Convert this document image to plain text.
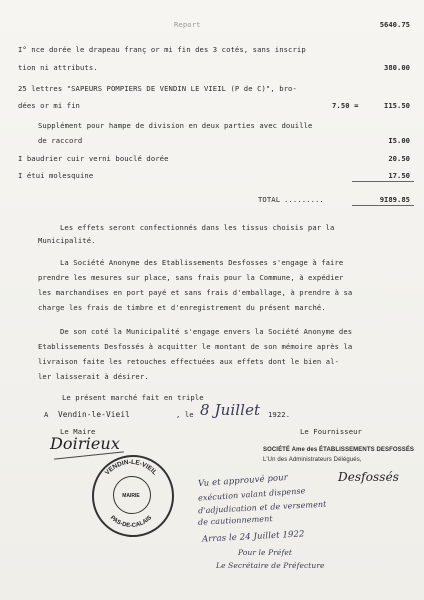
Report	5640.75
I° nce dorée le drapeau franç or mi fin des 3 cotés, sans inscrip
tion ni attributs.	380.00
25 lettres "SAPEURS POMPIERS DE VENDIN LE VIEIL (P de C)", bro-
dées or mi fin	7.50 =	I15.50
Supplément pour hampe de division en deux parties avec douille
de raccord	I5.00
I baudrier cuir verni bouclé dorée	20.50
I étui molesquine	17.50
TOTAL .........	9I89.85
Les effets seront confectionnés dans les tissus choisis par la
Municipalité.
La Société Anonyme des Etablissements Desfosses s'engage à faire
prendre les mesures sur place, sans frais pour la Commune, à expédier
les marchandises en port payé et sans frais d'emballage, à prendre à sa
charge les frais de timbre et d'enregistrement du présent marché.
De son coté la Municipalité s'engage envers la Société Anonyme des
Etablissements Desfossés à acquitter le montant de son mémoire après la
livraison faite les retouches effectuées aux effets dont le bien al-
ler laisserait à désirer.
Le présent marché fait en triple
A Vendin-le-Vieil	, le 8 Juillet 1922.
Le Maire
Doirieux
Le Fournisseur
SOCIÉTÉ Ame des ÉTABLISSEMENTS DESFOSSÉS
L'Un des Administrateurs Délégués,
Desfossés
VENDIN-LE-VIEIL
PAS-DE-CALAIS
MAIRIE
Vu et approuvé pour
exécution valant dispense
d'adjudication et de versement
de cautionnement
Arras le 24 Juillet 1922
Pour le Préfet
Le Secrétaire de Préfecture
